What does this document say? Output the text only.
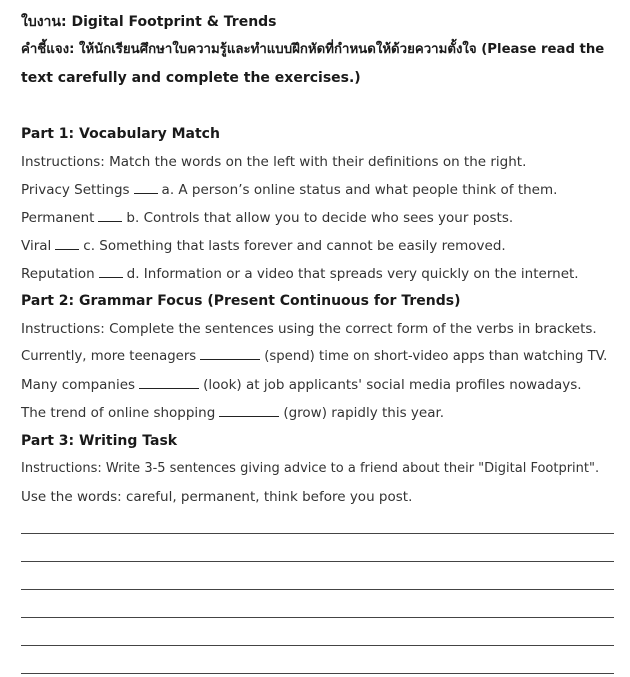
ใบงาน: Digital Footprint & Trends
คำชี้แจง: ให้นักเรียนศึกษาใบความรู้และทำแบบฝึกหัดที่กำหนดให้ด้วยความตั้งใจ (Please read the
text carefully and complete the exercises.)
Part 1: Vocabulary Match
Instructions: Match the words on the left with their definitions on the right.
Privacy Settings a. A person’s online status and what people think of them.
Permanent b. Controls that allow you to decide who sees your posts.
Viral c. Something that lasts forever and cannot be easily removed.
Reputation d. Information or a video that spreads very quickly on the internet.
Part 2: Grammar Focus (Present Continuous for Trends)
Instructions: Complete the sentences using the correct form of the verbs in brackets.
Currently, more teenagers	(spend) time on short-video apps than watching TV.
Many companies	(look) at job applicants' social media profiles nowadays.
The trend of online shopping	(grow) rapidly this year.
Part 3: Writing Task
Instructions: Write 3-5 sentences giving advice to a friend about their "Digital Footprint".
Use the words: careful, permanent, think before you post.
